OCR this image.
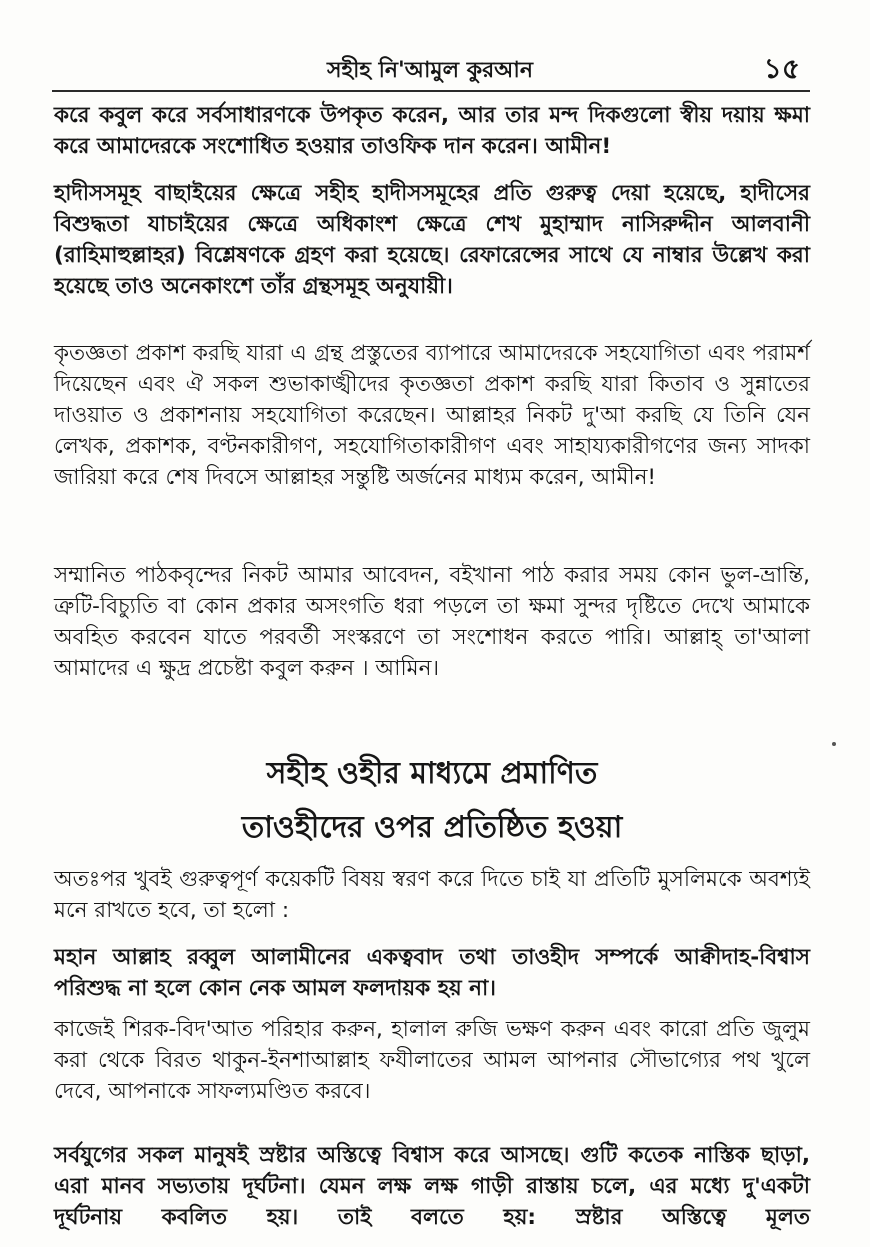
সহীহ নি'আমুল কুরআন	১৫

করে কবুল করে সর্বসাধারণকে উপকৃত করেন, আর তার মন্দ দিকগুলো স্বীয় দয়ায় ক্ষমা করে আমাদেরকে সংশোধিত হওয়ার তাওফিক দান করেন। আমীন!

হাদীসসমূহ বাছাইয়ের ক্ষেত্রে সহীহ হাদীসসমূহের প্রতি গুরুত্ব দেয়া হয়েছে, হাদীসের বিশুদ্ধতা যাচাইয়ের ক্ষেত্রে অধিকাংশ ক্ষেত্রে শেখ মুহাম্মাদ নাসিরুদ্দীন আলবানী (রাহিমাহুল্লাহর) বিশ্লেষণকে গ্রহণ করা হয়েছে। রেফারেন্সের সাথে যে নাম্বার উল্লেখ করা হয়েছে তাও অনেকাংশে তাঁর গ্রন্থসমূহ অনুযায়ী।

কৃতজ্ঞতা প্রকাশ করছি যারা এ গ্রন্থ প্রস্তুতের ব্যাপারে আমাদেরকে সহযোগিতা এবং পরামর্শ দিয়েছেন এবং ঐ সকল শুভাকাঙ্খীদের কৃতজ্ঞতা প্রকাশ করছি যারা কিতাব ও সুন্নাতের দাওয়াত ও প্রকাশনায় সহযোগিতা করেছেন। আল্লাহর নিকট দু'আ করছি যে তিনি যেন লেখক, প্রকাশক, বণ্টনকারীগণ, সহযোগিতাকারীগণ এবং সাহায্যকারীগণের জন্য সাদকা জারিয়া করে শেষ দিবসে আল্লাহর সন্তুষ্টি অর্জনের মাধ্যম করেন, আমীন!

সম্মানিত পাঠকবৃন্দের নিকট আমার আবেদন, বইখানা পাঠ করার সময় কোন ভুল-ভ্রান্তি, ত্রুটি-বিচ্যুতি বা কোন প্রকার অসংগতি ধরা পড়লে তা ক্ষমা সুন্দর দৃষ্টিতে দেখে আমাকে অবহিত করবেন যাতে পরবর্তী সংস্করণে তা সংশোধন করতে পারি। আল্লাহ্ তা'আলা আমাদের এ ক্ষুদ্র প্রচেষ্টা কবুল করুন । আমিন।

সহীহ ওহীর মাধ্যমে প্রমাণিত
তাওহীদের ওপর প্রতিষ্ঠিত হওয়া

অতঃপর খুবই গুরুত্বপূর্ণ কয়েকটি বিষয় স্বরণ করে দিতে চাই যা প্রতিটি মুসলিমকে অবশ্যই মনে রাখতে হবে, তা হলো :

মহান আল্লাহ রব্বুল আলামীনের একত্ববাদ তথা তাওহীদ সম্পর্কে আক্বীদাহ-বিশ্বাস পরিশুদ্ধ না হলে কোন নেক আমল ফলদায়ক হয় না।

কাজেই শিরক-বিদ'আত পরিহার করুন, হালাল রুজি ভক্ষণ করুন এবং কারো প্রতি জুলুম করা থেকে বিরত থাকুন-ইনশাআল্লাহ ফযীলাতের আমল আপনার সৌভাগ্যের পথ খুলে দেবে, আপনাকে সাফল্যমণ্ডিত করবে।

সর্বযুগের সকল মানুষই স্রষ্টার অস্তিত্বে বিশ্বাস করে আসছে। গুটি কতেক নাস্তিক ছাড়া, এরা মানব সভ্যতায় দূর্ঘটনা। যেমন লক্ষ লক্ষ গাড়ী রাস্তায় চলে, এর মধ্যে দু'একটা দূর্ঘটনায় কবলিত হয়। তাই বলতে হয়: স্রষ্টার অস্তিত্বে মূলত
